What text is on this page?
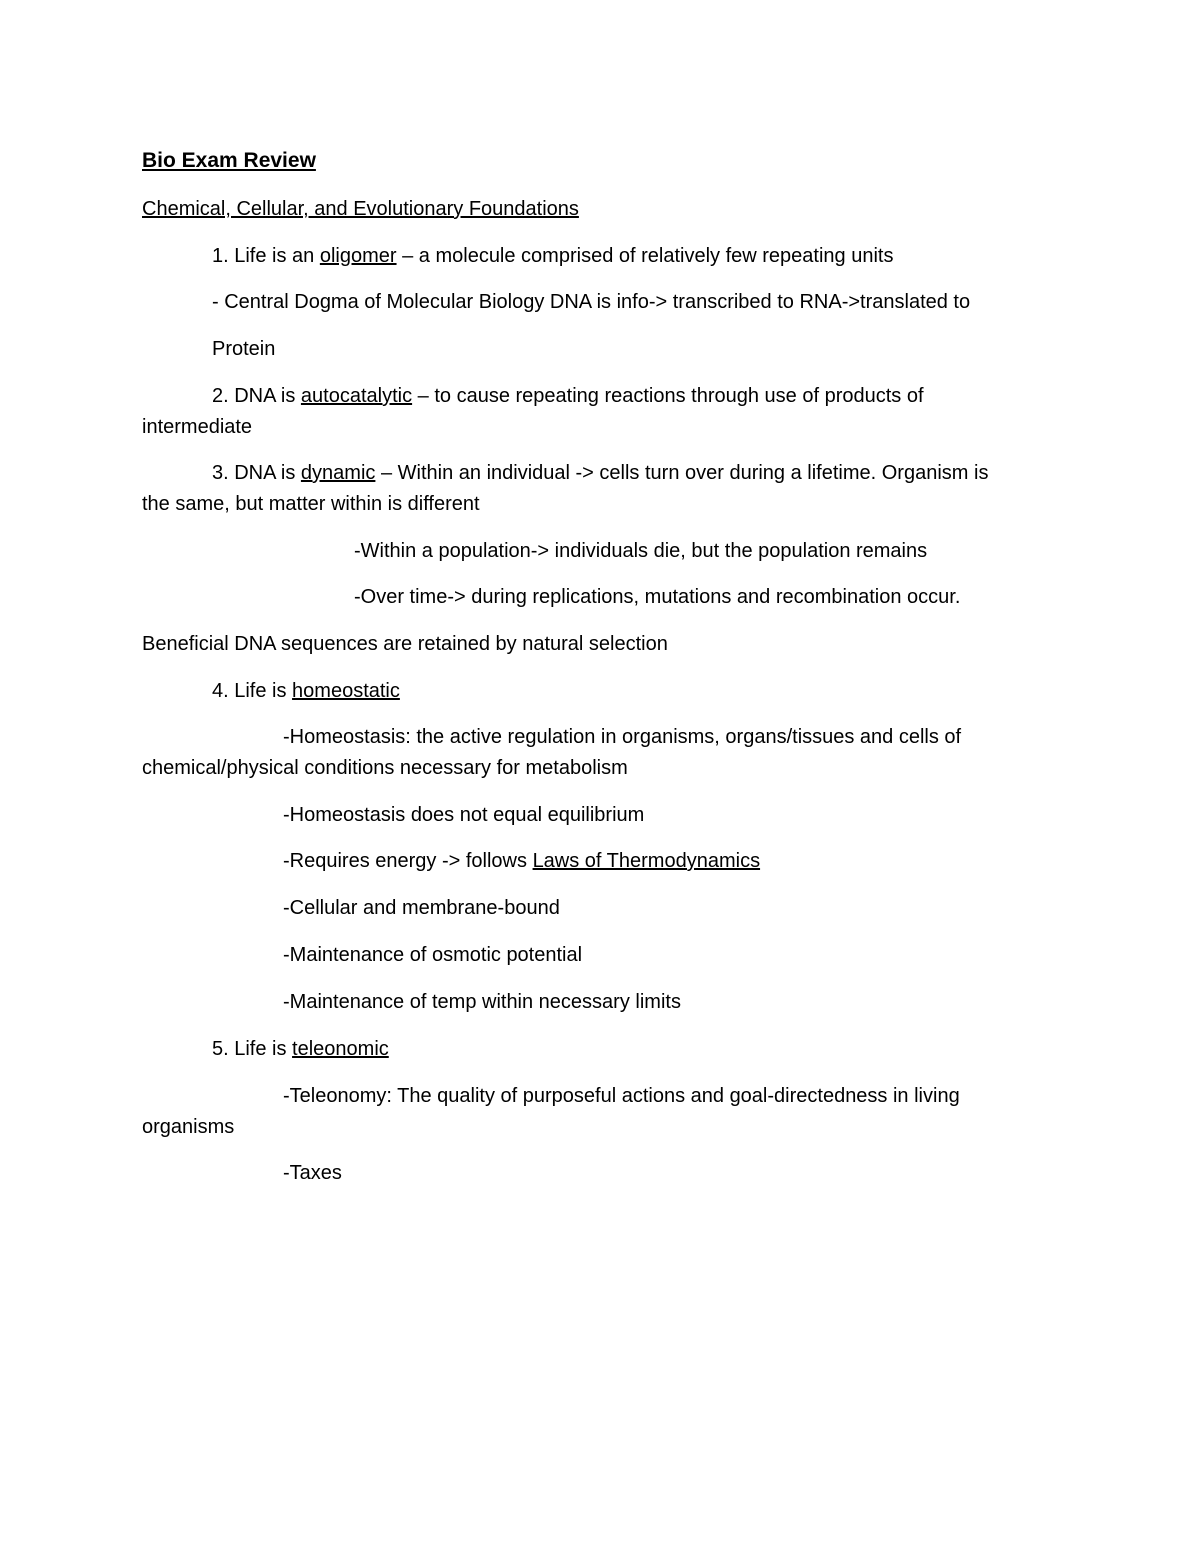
Bio Exam Review
Chemical, Cellular, and Evolutionary Foundations
1. Life is an oligomer – a molecule comprised of relatively few repeating units
- Central Dogma of Molecular Biology DNA is info-> transcribed to RNA->translated to
Protein
2. DNA is autocatalytic – to cause repeating reactions through use of products of
intermediate
3. DNA is dynamic – Within an individual -> cells turn over during a lifetime. Organism is
the same, but matter within is different
-Within a population-> individuals die, but the population remains
-Over time-> during replications, mutations and recombination occur.
Beneficial DNA sequences are retained by natural selection
4. Life is homeostatic
-Homeostasis: the active regulation in organisms, organs/tissues and cells of
chemical/physical conditions necessary for metabolism
-Homeostasis does not equal equilibrium
-Requires energy -> follows Laws of Thermodynamics
-Cellular and membrane-bound
-Maintenance of osmotic potential
-Maintenance of temp within necessary limits
5. Life is teleonomic
-Teleonomy: The quality of purposeful actions and goal-directedness in living
organisms
-Taxes
